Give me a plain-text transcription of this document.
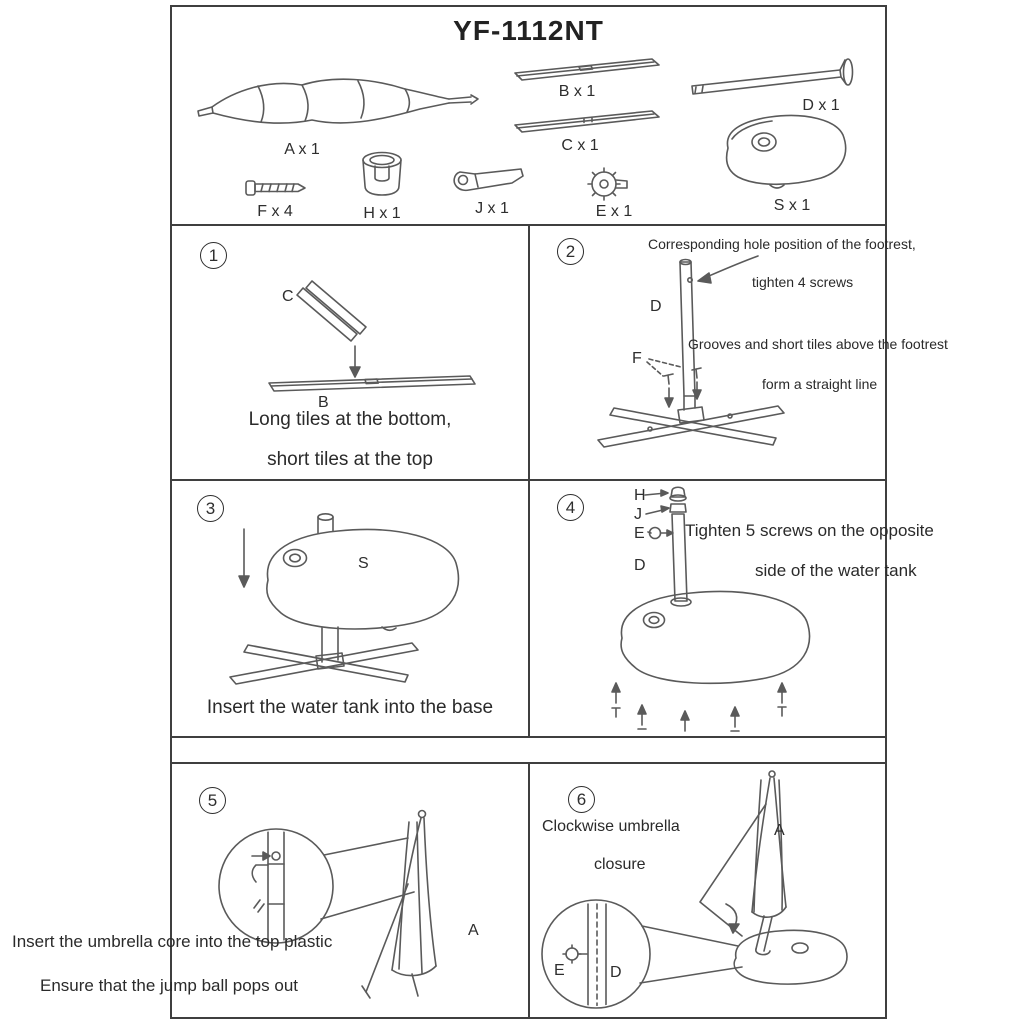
YF-1112NT
A x 1
B x 1
C x 1
D x 1
F x 4	H x 1	J x 1	E x 1	S x 1
1
C
B
Long tiles at the bottom,
short tiles at the top
2
D
F
Corresponding hole position of the footrest,
tighten 4 screws
Grooves and short tiles above the footrest
form a straight line
3
S
Insert the water tank into the base
4
H
J
E
D
Tighten 5 screws on the opposite
side of the water tank
5
A
Insert the umbrella core into the top plastic
Ensure that the jump ball pops out
6
A
E	D
Clockwise umbrella
closure
